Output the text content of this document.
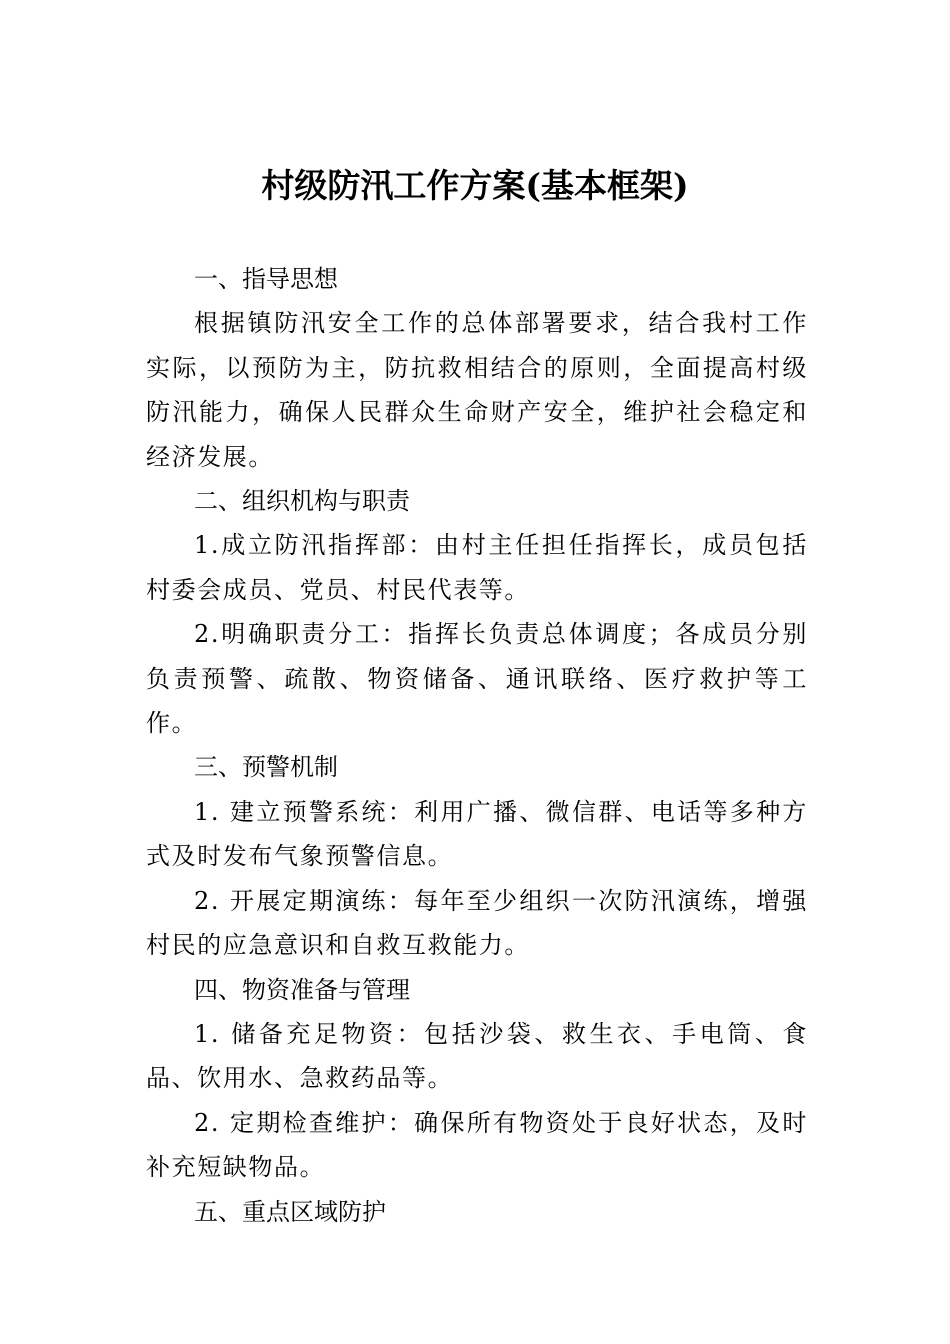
村级防汛工作方案(基本框架)

一、指导思想

根据镇防汛安全工作的总体部署要求，结合我村工作实际，以预防为主，防抗救相结合的原则，全面提高村级防汛能力，确保人民群众生命财产安全，维护社会稳定和经济发展。

二、组织机构与职责

1.成立防汛指挥部：由村主任担任指挥长，成员包括村委会成员、党员、村民代表等。

2.明确职责分工：指挥长负责总体调度；各成员分别负责预警、疏散、物资储备、通讯联络、医疗救护等工作。

三、预警机制

1. 建立预警系统：利用广播、微信群、电话等多种方式及时发布气象预警信息。

2. 开展定期演练：每年至少组织一次防汛演练，增强村民的应急意识和自救互救能力。

四、物资准备与管理

1. 储备充足物资：包括沙袋、救生衣、手电筒、食品、饮用水、急救药品等。

2. 定期检查维护：确保所有物资处于良好状态，及时补充短缺物品。

五、重点区域防护
